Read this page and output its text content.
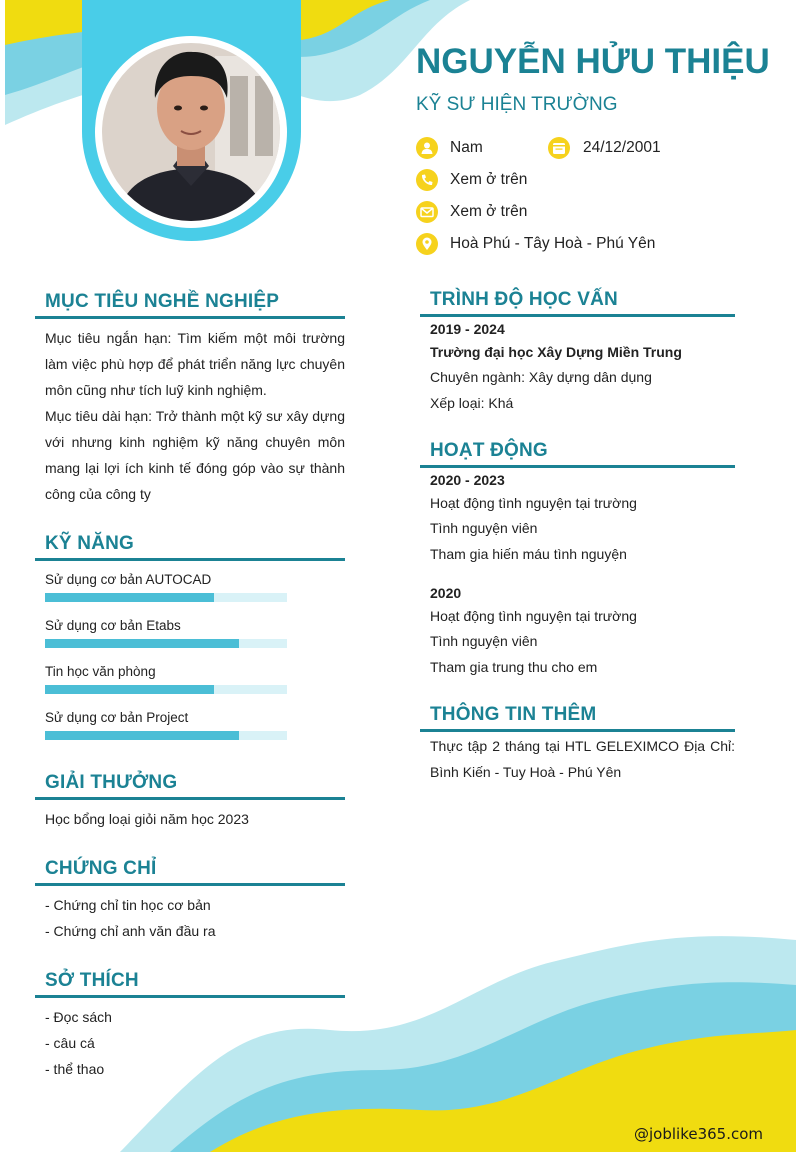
NGUYỄN HỬU THIỆU
KỸ SƯ HIỆN TRƯỜNG
Nam	24/12/2001
Xem ở trên
Xem ở trên
Hoà Phú - Tây Hoà - Phú Yên
MỤC TIÊU NGHỀ NGHIỆP
Mục tiêu ngắn hạn: Tìm kiếm một môi trường làm việc phù hợp để phát triển năng lực chuyên môn cũng như tích luỹ kinh nghiệm.
Mục tiêu dài hạn: Trở thành một kỹ sư xây dựng với nhưng kinh nghiệm kỹ năng chuyên môn mang lại lợi ích kinh tế đóng góp vào sự thành công của công ty
KỸ NĂNG
Sử dụng cơ bản AUTOCAD
Sử dụng cơ bản Etabs
Tin học văn phòng
Sử dụng cơ bản Project
GIẢI THƯỞNG
Học bổng loại giỏi năm học 2023
CHỨNG CHỈ
- Chứng chỉ tin học cơ bản
- Chứng chỉ anh văn đầu ra
SỞ THÍCH
- Đọc sách
- câu cá
- thể thao
TRÌNH ĐỘ HỌC VẤN
2019 - 2024
Trường đại học Xây Dựng Miền Trung
Chuyên ngành: Xây dựng dân dụng
Xếp loại: Khá
HOẠT ĐỘNG
2020 - 2023
Hoạt động tình nguyện tại trường
Tình nguyện viên
Tham gia hiến máu tình nguyện
2020
Hoạt động tình nguyện tại trường
Tình nguyện viên
Tham gia trung thu cho em
THÔNG TIN THÊM
Thực tập 2 tháng tại HTL GELEXIMCO Địa Chỉ: Bình Kiến - Tuy Hoà - Phú Yên
@joblike365.com
